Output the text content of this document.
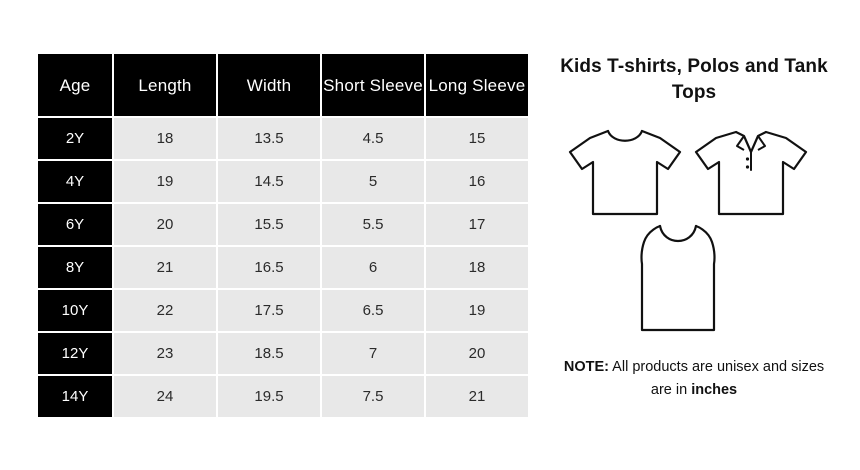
Age	Length	Width	Short Sleeve	Long Sleeve
2Y	18	13.5	4.5	15
4Y	19	14.5	5	16
6Y	20	15.5	5.5	17
8Y	21	16.5	6	18
10Y	22	17.5	6.5	19
12Y	23	18.5	7	20
14Y	24	19.5	7.5	21
Kids T-shirts, Polos and Tank Tops
NOTE: All products are unisex and sizes are in inches
